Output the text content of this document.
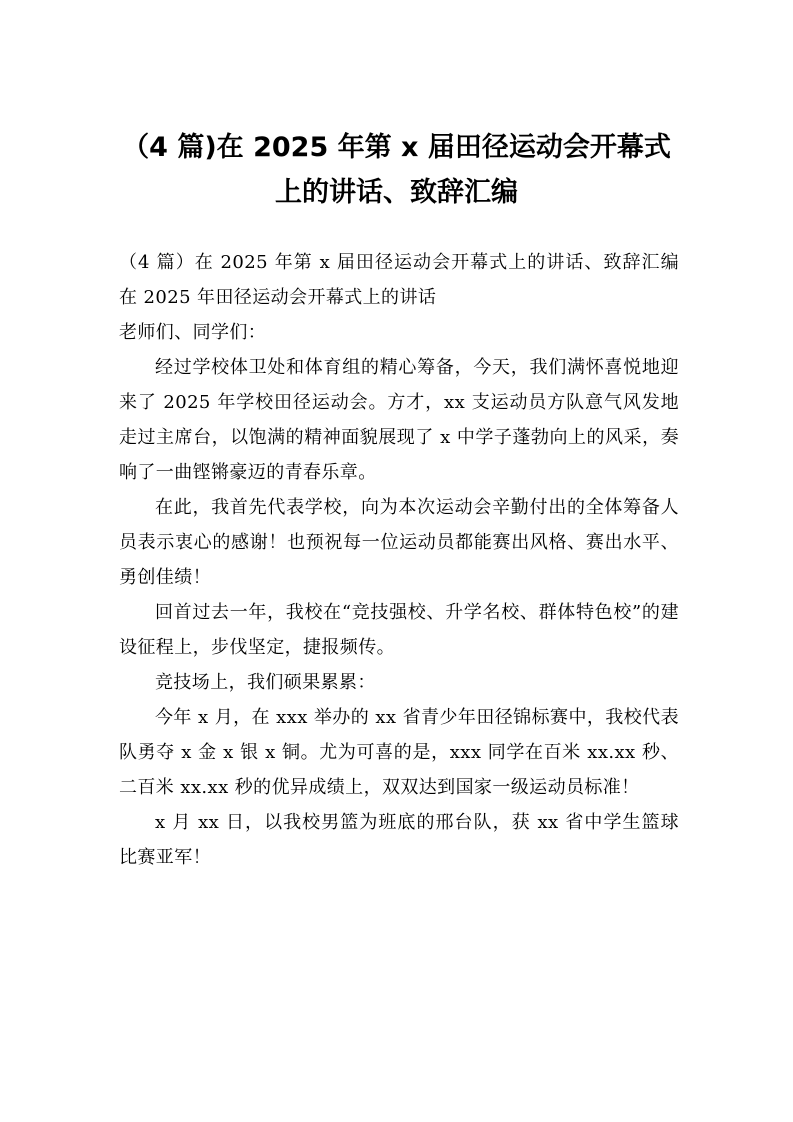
（4 篇)在 2025 年第 x 届田径运动会开幕式
上的讲话、致辞汇编

（4 篇）在 2025 年第 x 届田径运动会开幕式上的讲话、致辞汇编在 2025 年田径运动会开幕式上的讲话

老师们、同学们：

经过学校体卫处和体育组的精心筹备，今天，我们满怀喜悦地迎来了 2025 年学校田径运动会。方才，xx 支运动员方队意气风发地走过主席台，以饱满的精神面貌展现了 x 中学子蓬勃向上的风采，奏响了一曲铿锵豪迈的青春乐章。

在此，我首先代表学校，向为本次运动会辛勤付出的全体筹备人员表示衷心的感谢！也预祝每一位运动员都能赛出风格、赛出水平、勇创佳绩！

回首过去一年，我校在“竞技强校、升学名校、群体特色校”的建设征程上，步伐坚定，捷报频传。

竞技场上，我们硕果累累：

今年 x 月，在 xxx 举办的 xx 省青少年田径锦标赛中，我校代表队勇夺 x 金 x 银 x 铜。尤为可喜的是，xxx 同学在百米 xx.xx 秒、二百米 xx.xx 秒的优异成绩上，双双达到国家一级运动员标准！

x 月 xx 日，以我校男篮为班底的邢台队，获 xx 省中学生篮球比赛亚军！
